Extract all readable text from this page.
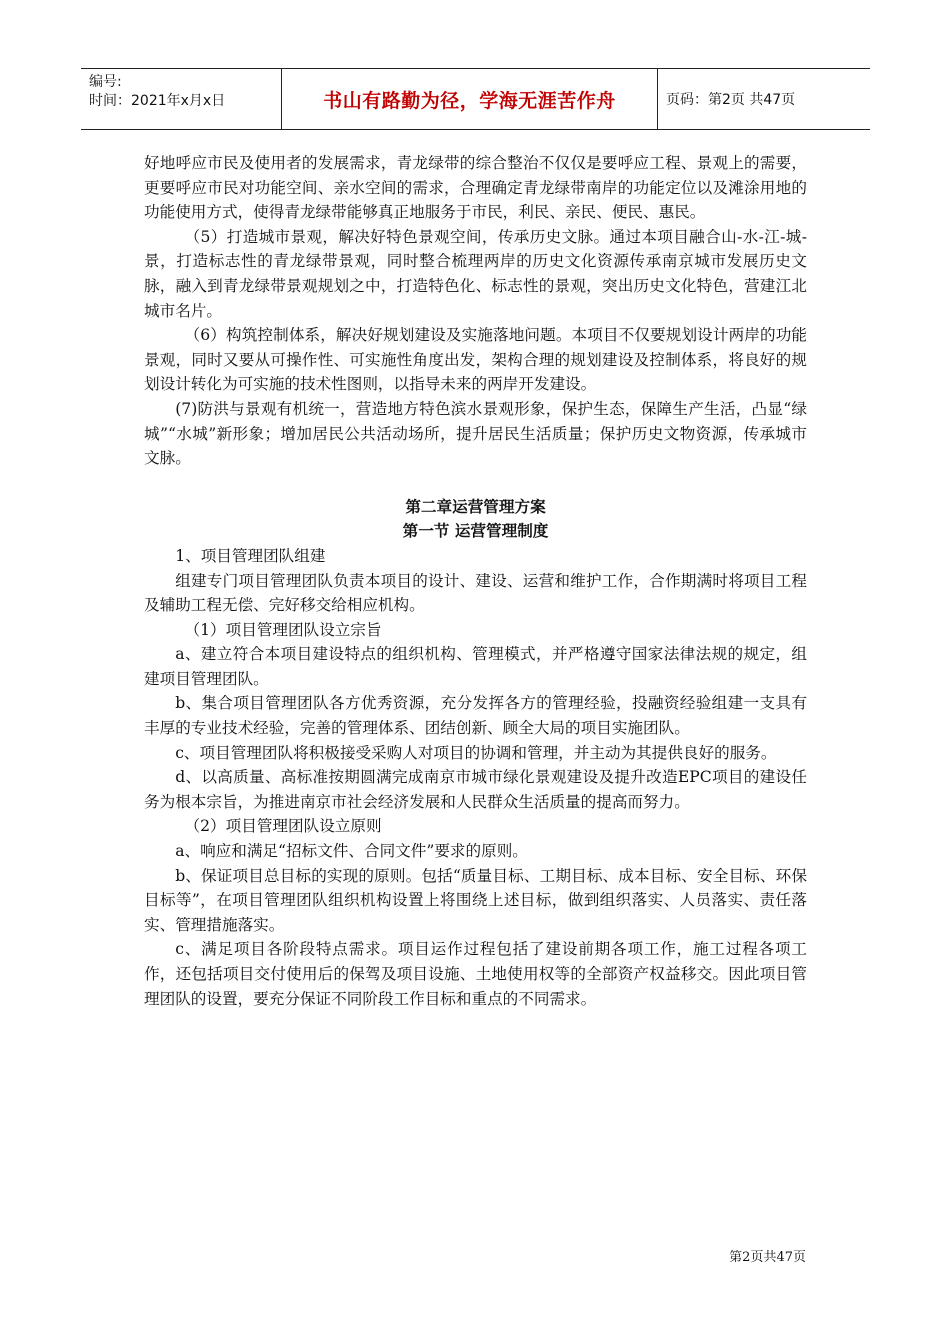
编号:
时间：2021年x月x日	书山有路勤为径，学海无涯苦作舟	页码：第2页 共47页

好地呼应市民及使用者的发展需求，青龙绿带的综合整治不仅仅是要呼应工程、景观上的需要，更要呼应市民对功能空间、亲水空间的需求，合理确定青龙绿带南岸的功能定位以及滩涂用地的功能使用方式，使得青龙绿带能够真正地服务于市民，利民、亲民、便民、惠民。

（5）打造城市景观，解决好特色景观空间，传承历史文脉。通过本项目融合山-水-江-城-景，打造标志性的青龙绿带景观，同时整合梳理两岸的历史文化资源传承南京城市发展历史文脉，融入到青龙绿带景观规划之中，打造特色化、标志性的景观，突出历史文化特色，营建江北城市名片。

（6）构筑控制体系，解决好规划建设及实施落地问题。本项目不仅要规划设计两岸的功能景观，同时又要从可操作性、可实施性角度出发，架构合理的规划建设及控制体系，将良好的规划设计转化为可实施的技术性图则，以指导未来的两岸开发建设。

(7)防洪与景观有机统一，营造地方特色滨水景观形象，保护生态，保障生产生活，凸显“绿城”“水城”新形象；增加居民公共活动场所，提升居民生活质量；保护历史文物资源，传承城市文脉。

第二章运营管理方案

第一节 运营管理制度

1、项目管理团队组建

组建专门项目管理团队负责本项目的设计、建设、运营和维护工作，合作期满时将项目工程及辅助工程无偿、完好移交给相应机构。

（1）项目管理团队设立宗旨

a、建立符合本项目建设特点的组织机构、管理模式，并严格遵守国家法律法规的规定，组建项目管理团队。

b、集合项目管理团队各方优秀资源，充分发挥各方的管理经验，投融资经验组建一支具有丰厚的专业技术经验，完善的管理体系、团结创新、顾全大局的项目实施团队。

c、项目管理团队将积极接受采购人对项目的协调和管理，并主动为其提供良好的服务。

d、以高质量、高标准按期圆满完成南京市城市绿化景观建设及提升改造EPC项目的建设任务为根本宗旨，为推进南京市社会经济发展和人民群众生活质量的提高而努力。

（2）项目管理团队设立原则

a、响应和满足“招标文件、合同文件”要求的原则。

b、保证项目总目标的实现的原则。包括“质量目标、工期目标、成本目标、安全目标、环保目标等”，在项目管理团队组织机构设置上将围绕上述目标，做到组织落实、人员落实、责任落实、管理措施落实。

c、满足项目各阶段特点需求。项目运作过程包括了建设前期各项工作，施工过程各项工作，还包括项目交付使用后的保驾及项目设施、土地使用权等的全部资产权益移交。因此项目管理团队的设置，要充分保证不同阶段工作目标和重点的不同需求。

第2页共47页
